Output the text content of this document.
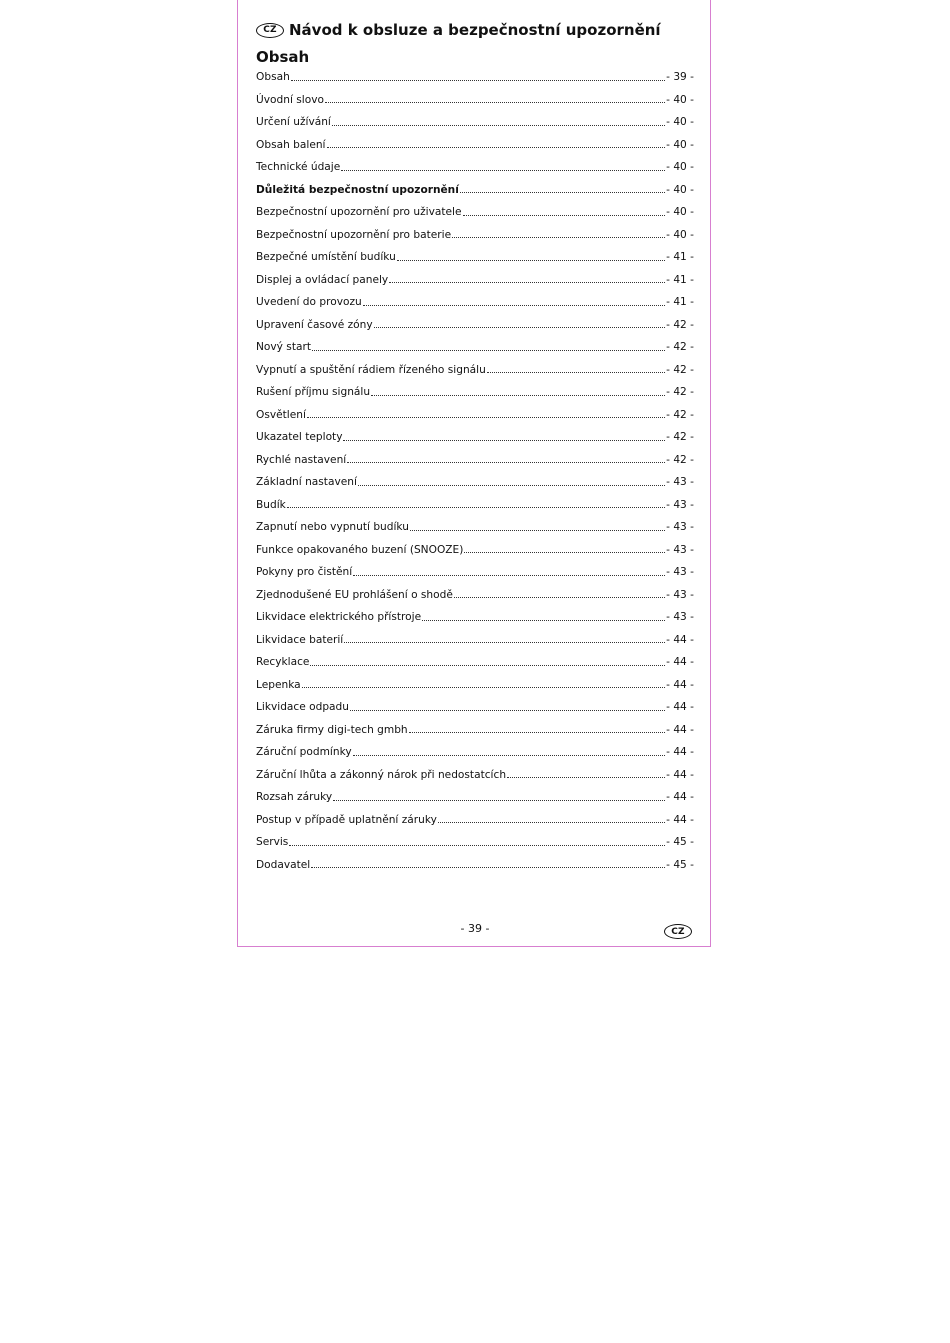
CZ Návod k obsluze a bezpečnostní upozornění
Obsah
Obsah	- 39 -
Úvodní slovo	- 40 -
Určení užívání	- 40 -
Obsah balení	- 40 -
Technické údaje	- 40 -
Důležitá bezpečnostní upozornění	- 40 -
Bezpečnostní upozornění pro uživatele	- 40 -
Bezpečnostní upozornění pro baterie	- 40 -
Bezpečné umístění budíku	- 41 -
Displej a ovládací panely	- 41 -
Uvedení do provozu	- 41 -
Upravení časové zóny	- 42 -
Nový start	- 42 -
Vypnutí a spuštění rádiem řízeného signálu	- 42 -
Rušení příjmu signálu	- 42 -
Osvětlení	- 42 -
Ukazatel teploty	- 42 -
Rychlé nastavení	- 42 -
Základní nastavení	- 43 -
Budík	- 43 -
Zapnutí nebo vypnutí budíku	- 43 -
Funkce opakovaného buzení (SNOOZE)	- 43 -
Pokyny pro čistění	- 43 -
Zjednodušené EU prohlášení o shodě	- 43 -
Likvidace elektrického přístroje	- 43 -
Likvidace baterií	- 44 -
Recyklace	- 44 -
Lepenka	- 44 -
Likvidace odpadu	- 44 -
Záruka firmy digi-tech gmbh	- 44 -
Záruční podmínky	- 44 -
Záruční lhůta a zákonný nárok při nedostatcích	- 44 -
Rozsah záruky	- 44 -
Postup v případě uplatnění záruky	- 44 -
Servis	- 45 -
Dodavatel	- 45 -
- 39 -	CZ
